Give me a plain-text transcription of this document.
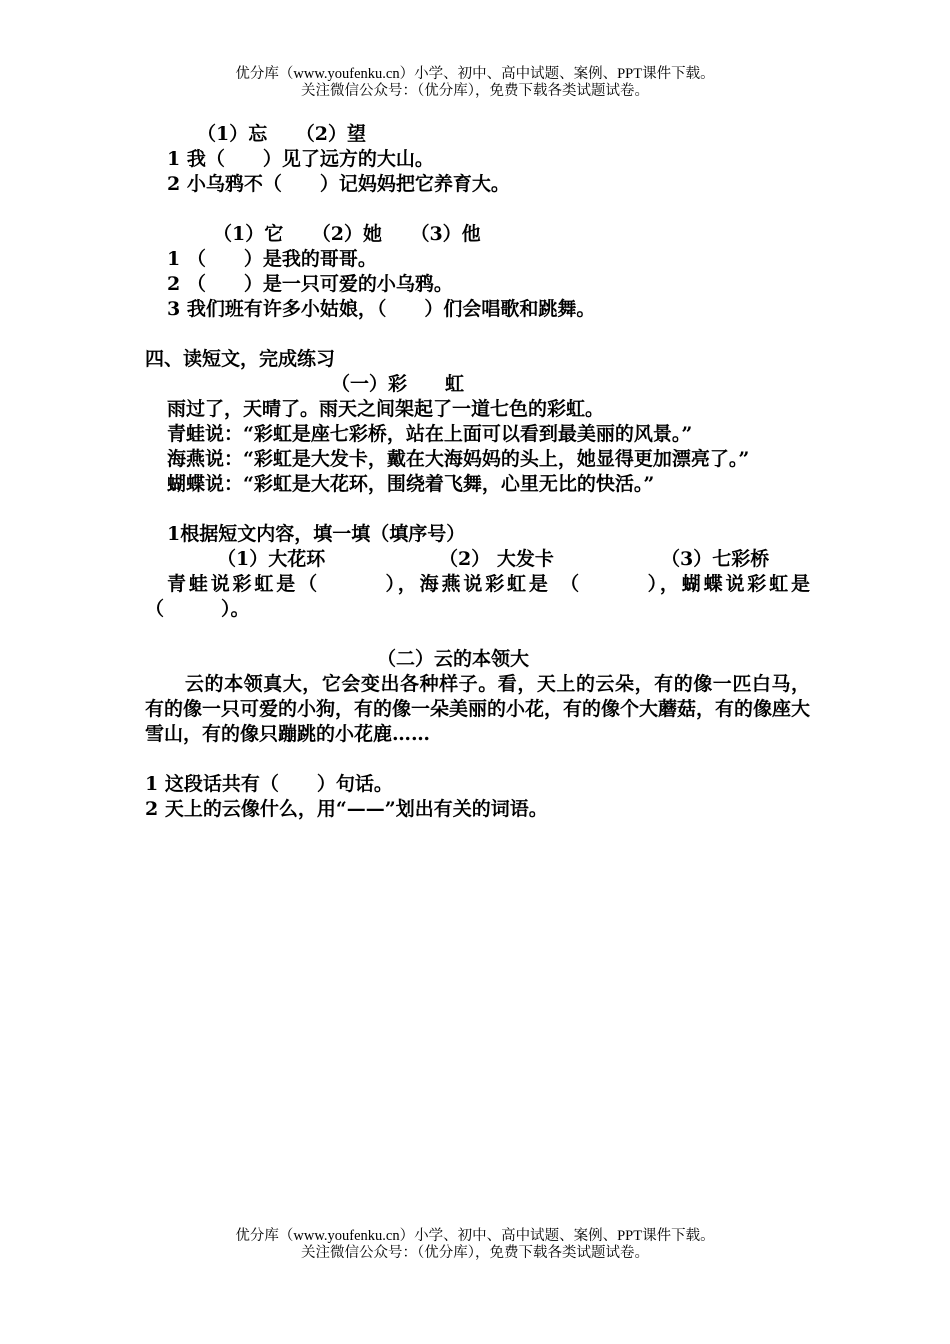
优分库（www.youfenku.cn）小学、初中、高中试题、案例、PPT课件下载。
关注微信公众号：（优分库），免费下载各类试题试卷。
（1）忘　　（2）望
1 我（　　）见了远方的大山。
2 小乌鸦不（　　）记妈妈把它养育大。
（1）它　　（2）她　　（3）他
1 （　　）是我的哥哥。
2 （　　）是一只可爱的小乌鸦。
3 我们班有许多小姑娘，（　　）们会唱歌和跳舞。
四、读短文，完成练习
（一）彩　　虹
雨过了，天晴了。雨天之间架起了一道七色的彩虹。
青蛙说：“彩虹是座七彩桥，站在上面可以看到最美丽的风景。”
海燕说：“彩虹是大发卡，戴在大海妈妈的头上，她显得更加漂亮了。”
蝴蝶说：“彩虹是大花环，围绕着飞舞，心里无比的快活。”
1根据短文内容，填一填（填序号）
（1）大花环	（2） 大发卡	（3）七彩桥
青蛙说彩虹是（　　　），海燕说彩虹是 （　　　），蝴蝶说彩虹是（　　　）。
（二）云的本领大
云的本领真大，它会变出各种样子。看，天上的云朵，有的像一匹白马，有的像一只可爱的小狗，有的像一朵美丽的小花，有的像个大蘑菇，有的像座大雪山，有的像只蹦跳的小花鹿……
1 这段话共有（　　）句话。
2 天上的云像什么，用“——”划出有关的词语。
优分库（www.youfenku.cn）小学、初中、高中试题、案例、PPT课件下载。
关注微信公众号：（优分库），免费下载各类试题试卷。
